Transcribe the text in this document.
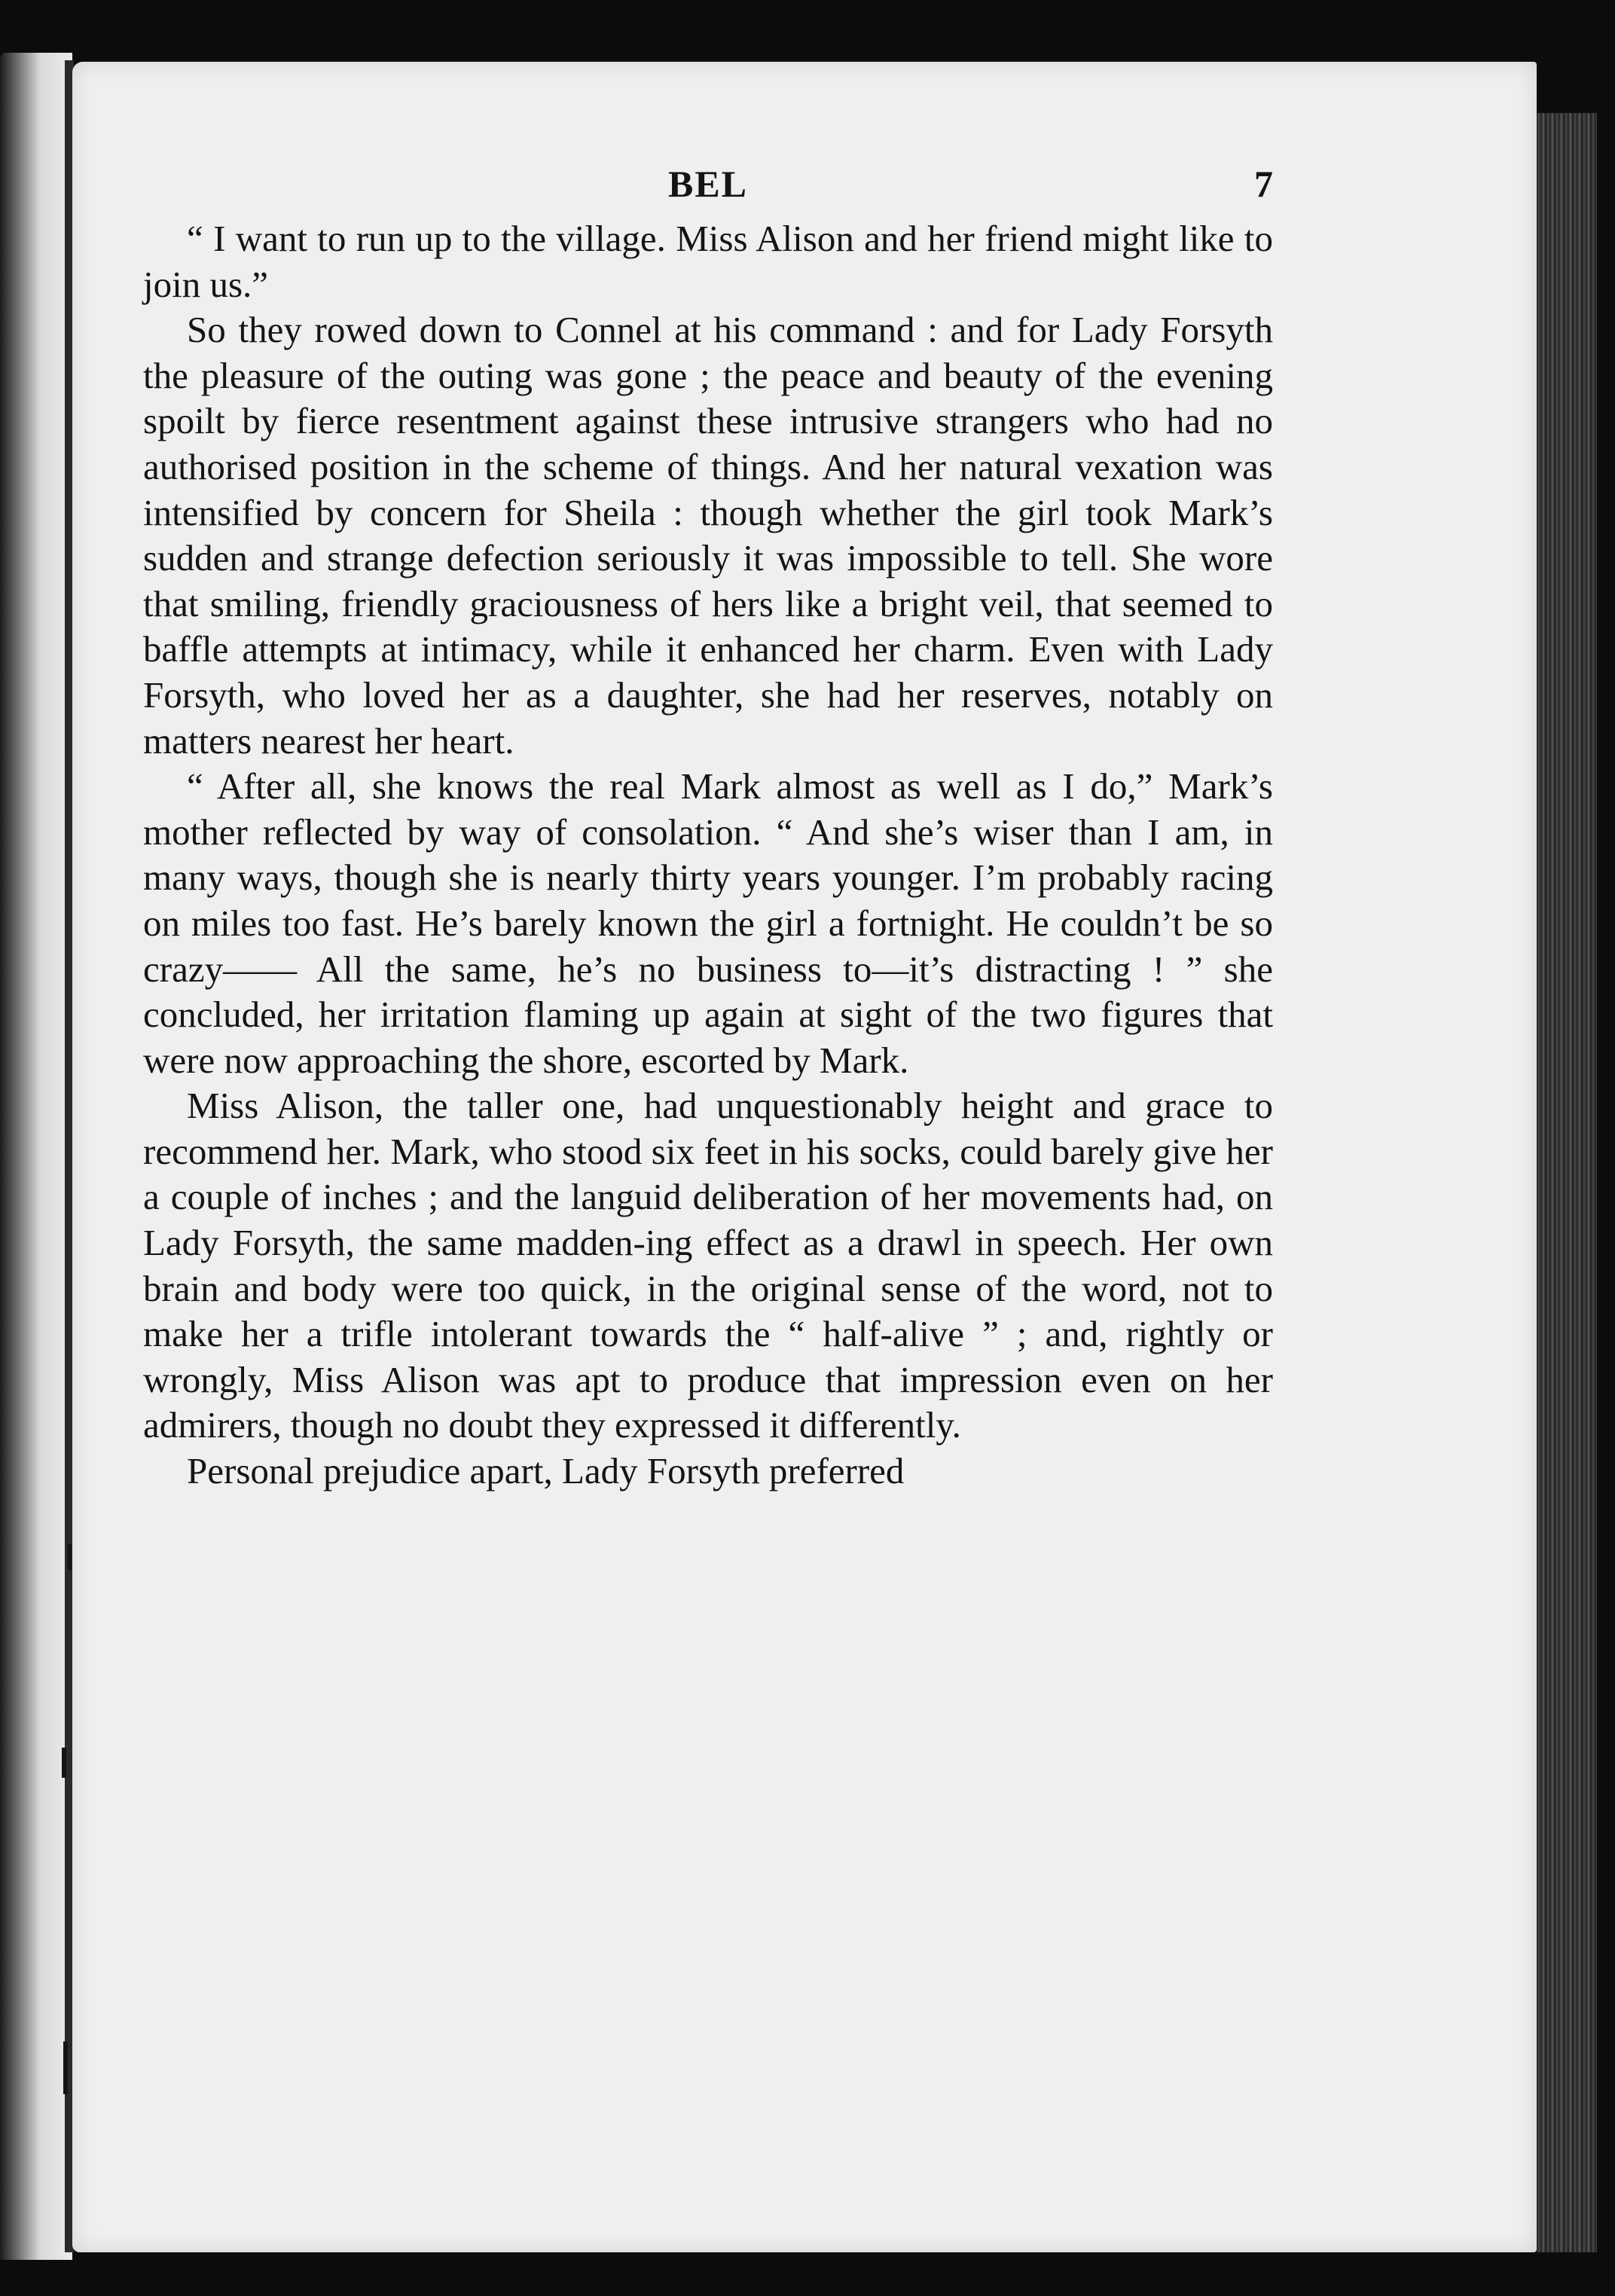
BEL	7

“ I want to run up to the village. Miss Alison and her friend might like to join us.”

So they rowed down to Connel at his command : and for Lady Forsyth the pleasure of the outing was gone ; the peace and beauty of the evening spoilt by fierce resentment against these intrusive strangers who had no authorised position in the scheme of things. And her natural vexation was intensified by concern for Sheila : though whether the girl took Mark’s sudden and strange defection seriously it was impossible to tell. She wore that smiling, friendly graciousness of hers like a bright veil, that seemed to baffle attempts at intimacy, while it enhanced her charm. Even with Lady Forsyth, who loved her as a daughter, she had her reserves, notably on matters nearest her heart.

“ After all, she knows the real Mark almost as well as I do,” Mark’s mother reflected by way of consolation. “ And she’s wiser than I am, in many ways, though she is nearly thirty years younger. I’m probably racing on miles too fast. He’s barely known the girl a fortnight. He couldn’t be so crazy—— All the same, he’s no business to—it’s distracting ! ” she concluded, her irritation flaming up again at sight of the two figures that were now approaching the shore, escorted by Mark.

Miss Alison, the taller one, had unquestionably height and grace to recommend her. Mark, who stood six feet in his socks, could barely give her a couple of inches ; and the languid deliberation of her movements had, on Lady Forsyth, the same madden-ing effect as a drawl in speech. Her own brain and body were too quick, in the original sense of the word, not to make her a trifle intolerant towards the “ half-alive ” ; and, rightly or wrongly, Miss Alison was apt to produce that impression even on her admirers, though no doubt they expressed it differently.

Personal prejudice apart, Lady Forsyth preferred
